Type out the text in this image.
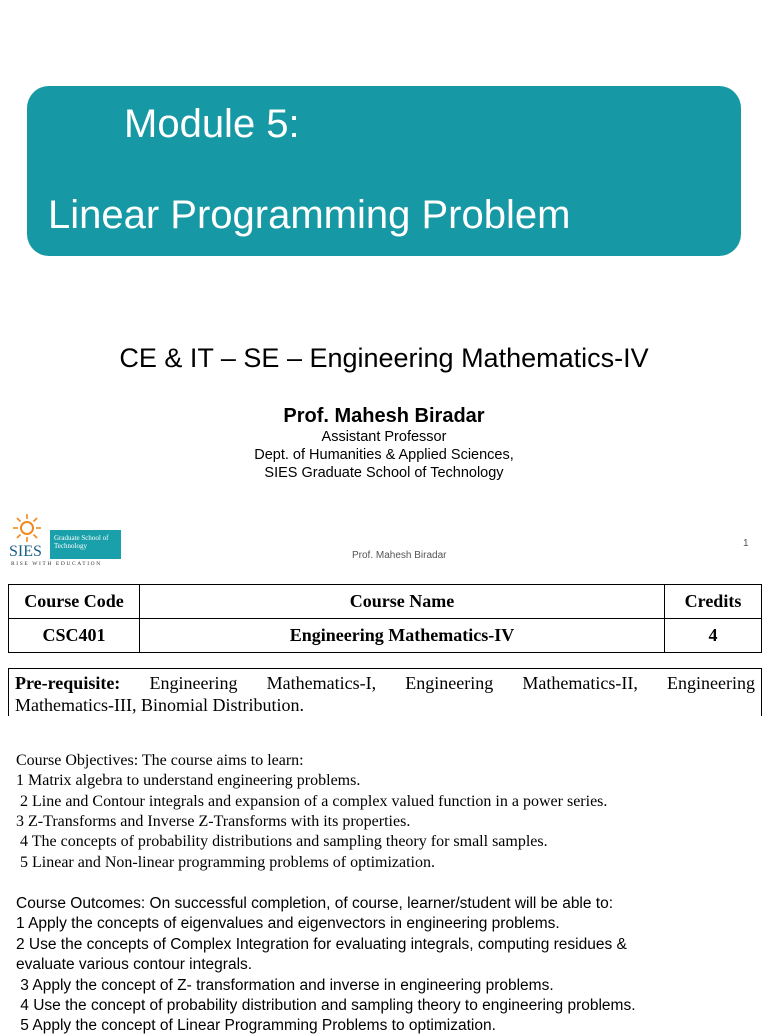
Module 5:
Linear Programming Problem
CE & IT – SE – Engineering Mathematics-IV
Prof. Mahesh Biradar
Assistant Professor
Dept. of Humanities & Applied Sciences,
SIES Graduate School of Technology
SIES
Graduate School of
Technology
RISE WITH EDUCATION
Prof. Mahesh Biradar
1
Course Code	Course Name	Credits
CSC401	Engineering Mathematics-IV	4
Pre-requisite: Engineering Mathematics-I, Engineering Mathematics-II, Engineering
Mathematics-III, Binomial Distribution.
Course Objectives: The course aims to learn:
1 Matrix algebra to understand engineering problems.
2 Line and Contour integrals and expansion of a complex valued function in a power series.
3 Z-Transforms and Inverse Z-Transforms with its properties.
4 The concepts of probability distributions and sampling theory for small samples.
5 Linear and Non-linear programming problems of optimization.
Course Outcomes: On successful completion, of course, learner/student will be able to:
1 Apply the concepts of eigenvalues and eigenvectors in engineering problems.
2 Use the concepts of Complex Integration for evaluating integrals, computing residues &
evaluate various contour integrals.
3 Apply the concept of Z- transformation and inverse in engineering problems.
4 Use the concept of probability distribution and sampling theory to engineering problems.
5 Apply the concept of Linear Programming Problems to optimization.
